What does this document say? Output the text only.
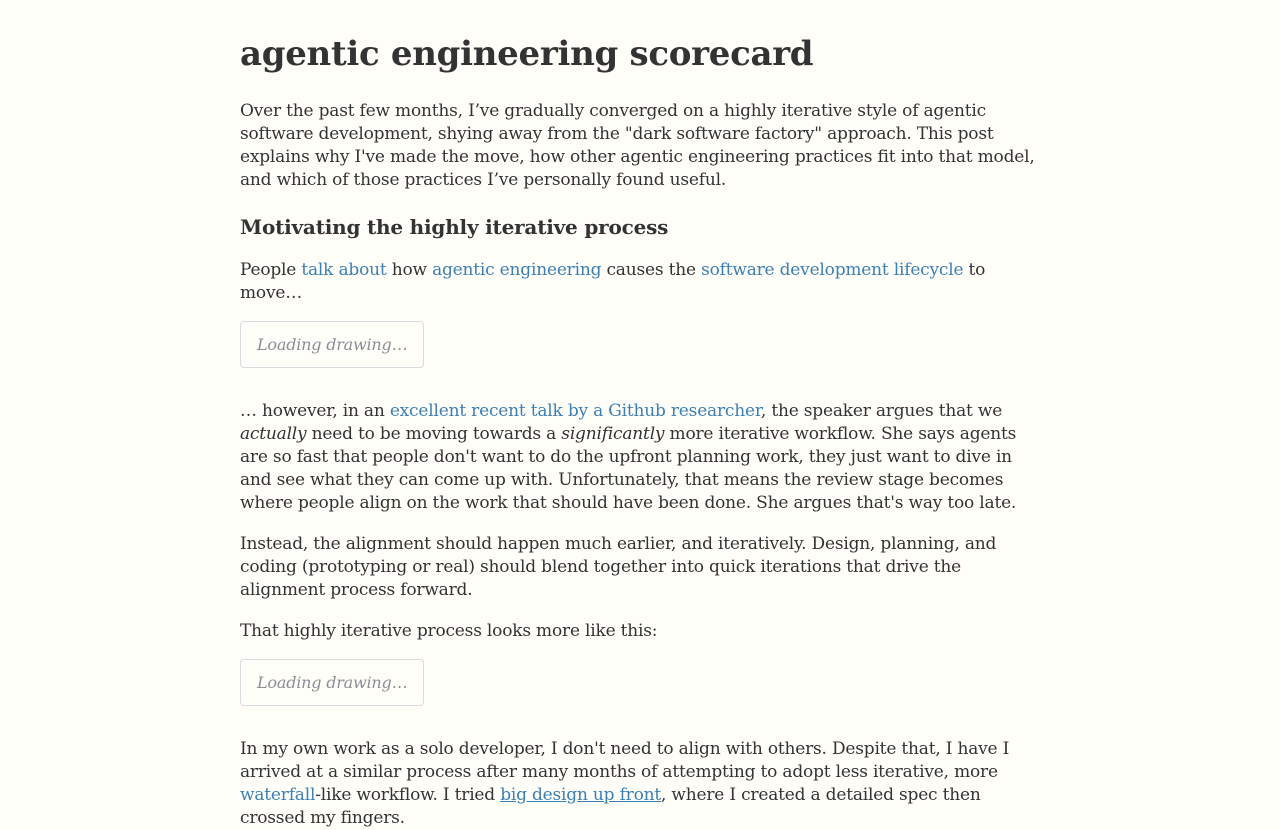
agentic engineering scorecard

Over the past few months, I’ve gradually converged on a highly iterative style of agentic software development, shying away from the "dark software factory" approach. This post explains why I've made the move, how other agentic engineering practices fit into that model, and which of those practices I’ve personally found useful.

Motivating the highly iterative process

People talk about how agentic engineering causes the software development lifecycle to move…

Loading drawing…

… however, in an excellent recent talk by a Github researcher, the speaker argues that we actually need to be moving towards a significantly more iterative workflow. She says agents are so fast that people don't want to do the upfront planning work, they just want to dive in and see what they can come up with. Unfortunately, that means the review stage becomes where people align on the work that should have been done. She argues that's way too late.

Instead, the alignment should happen much earlier, and iteratively. Design, planning, and coding (prototyping or real) should blend together into quick iterations that drive the alignment process forward.

That highly iterative process looks more like this:

Loading drawing…

In my own work as a solo developer, I don't need to align with others. Despite that, I have I arrived at a similar process after many months of attempting to adopt less iterative, more waterfall-like workflow. I tried big design up front, where I created a detailed spec then crossed my fingers.
